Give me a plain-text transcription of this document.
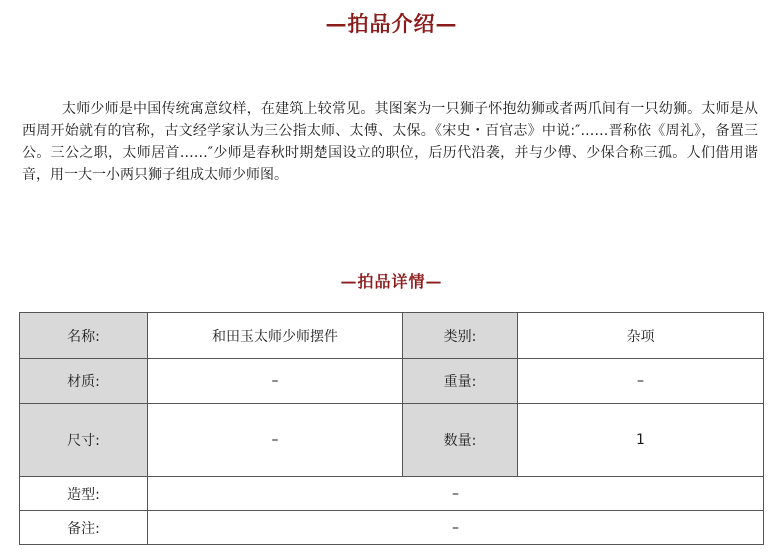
—拍品介绍—

太师少师是中国传统寓意纹样，在建筑上较常见。其图案为一只狮子怀抱幼狮或者两爪间有一只幼狮。太师是从西周开始就有的官称，古文经学家认为三公指太师、太傅、太保。《宋史・百官志》中说:″……晋称依《周礼》，备置三公。三公之职，太师居首……″少师是春秋时期楚国设立的职位，后历代沿袭，并与少傅、少保合称三孤。人们借用谐音，用一大一小两只狮子组成太师少师图。

—拍品详情—
名称:	和田玉太师少师摆件	类别:	杂项
材质:	–	重量:	–
尺寸:	–	数量:	1
造型:	–		
备注:	–		
